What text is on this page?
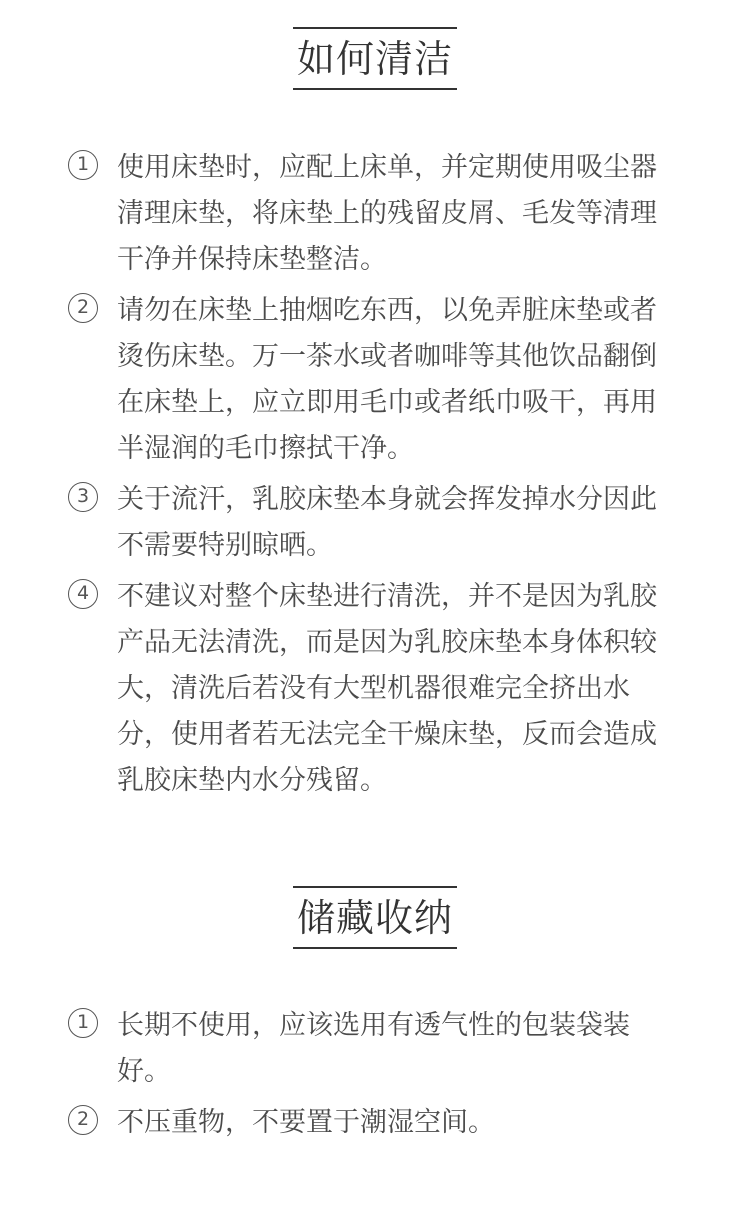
如何清洁
1	使用床垫时，应配上床单，并定期使用吸尘器清理床垫，将床垫上的残留皮屑、毛发等清理干净并保持床垫整洁。
2	请勿在床垫上抽烟吃东西，以免弄脏床垫或者烫伤床垫。万一茶水或者咖啡等其他饮品翻倒在床垫上，应立即用毛巾或者纸巾吸干，再用半湿润的毛巾擦拭干净。
3	关于流汗，乳胶床垫本身就会挥发掉水分因此不需要特别晾晒。
4	不建议对整个床垫进行清洗，并不是因为乳胶产品无法清洗，而是因为乳胶床垫本身体积较大，清洗后若没有大型机器很难完全挤出水分，使用者若无法完全干燥床垫，反而会造成乳胶床垫内水分残留。
储藏收纳
1	长期不使用，应该选用有透气性的包装袋装好。
2	不压重物，不要置于潮湿空间。
